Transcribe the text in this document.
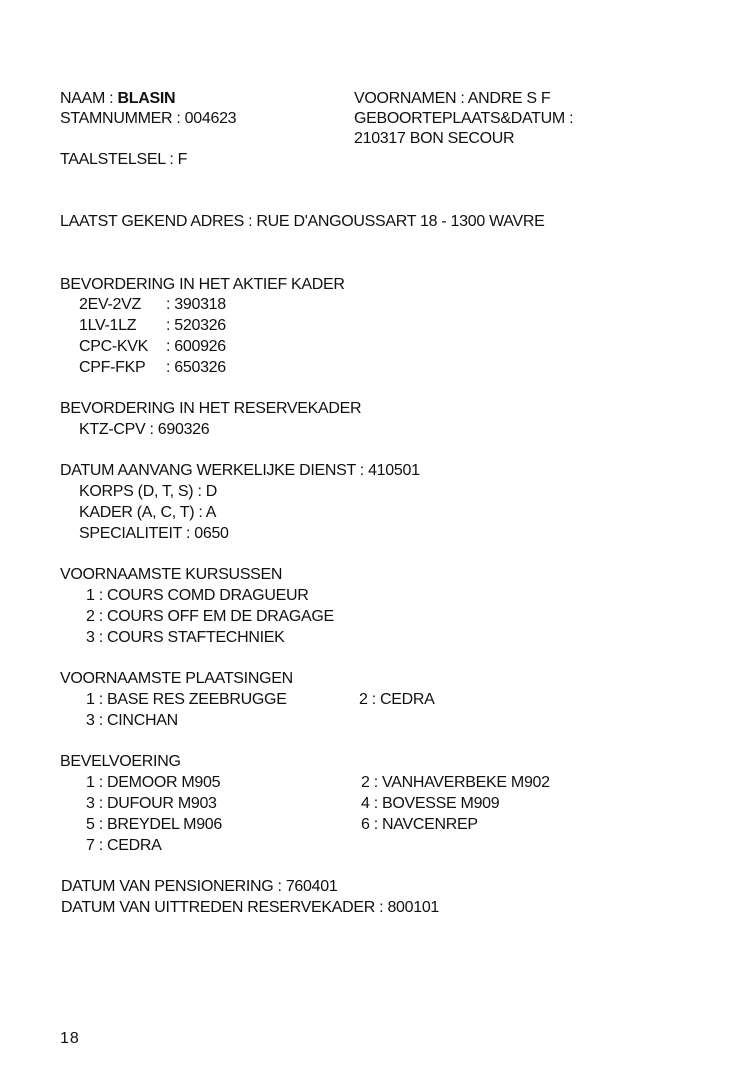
NAAM : BLASIN	VOORNAMEN : ANDRE S F
STAMNUMMER : 004623	GEBOORTEPLAATS&DATUM :
210317 BON SECOUR
TAALSTELSEL : F
LAATST GEKEND ADRES : RUE D'ANGOUSSART 18 - 1300 WAVRE
BEVORDERING IN HET AKTIEF KADER
2EV-2VZ : 390318
1LV-1LZ : 520326
CPC-KVK : 600926
CPF-FKP : 650326
BEVORDERING IN HET RESERVEKADER
KTZ-CPV : 690326
DATUM AANVANG WERKELIJKE DIENST : 410501
KORPS (D, T, S) : D
KADER (A, C, T) : A
SPECIALITEIT : 0650
VOORNAAMSTE KURSUSSEN
1 : COURS COMD DRAGUEUR
2 : COURS OFF EM DE DRAGAGE
3 : COURS STAFTECHNIEK
VOORNAAMSTE PLAATSINGEN
1 : BASE RES ZEEBRUGGE	2 : CEDRA
3 : CINCHAN
BEVELVOERING
1 : DEMOOR M905	2 : VANHAVERBEKE M902
3 : DUFOUR M903	4 : BOVESSE M909
5 : BREYDEL M906	6 : NAVCENREP
7 : CEDRA
DATUM VAN PENSIONERING : 760401
DATUM VAN UITTREDEN RESERVEKADER : 800101
18
